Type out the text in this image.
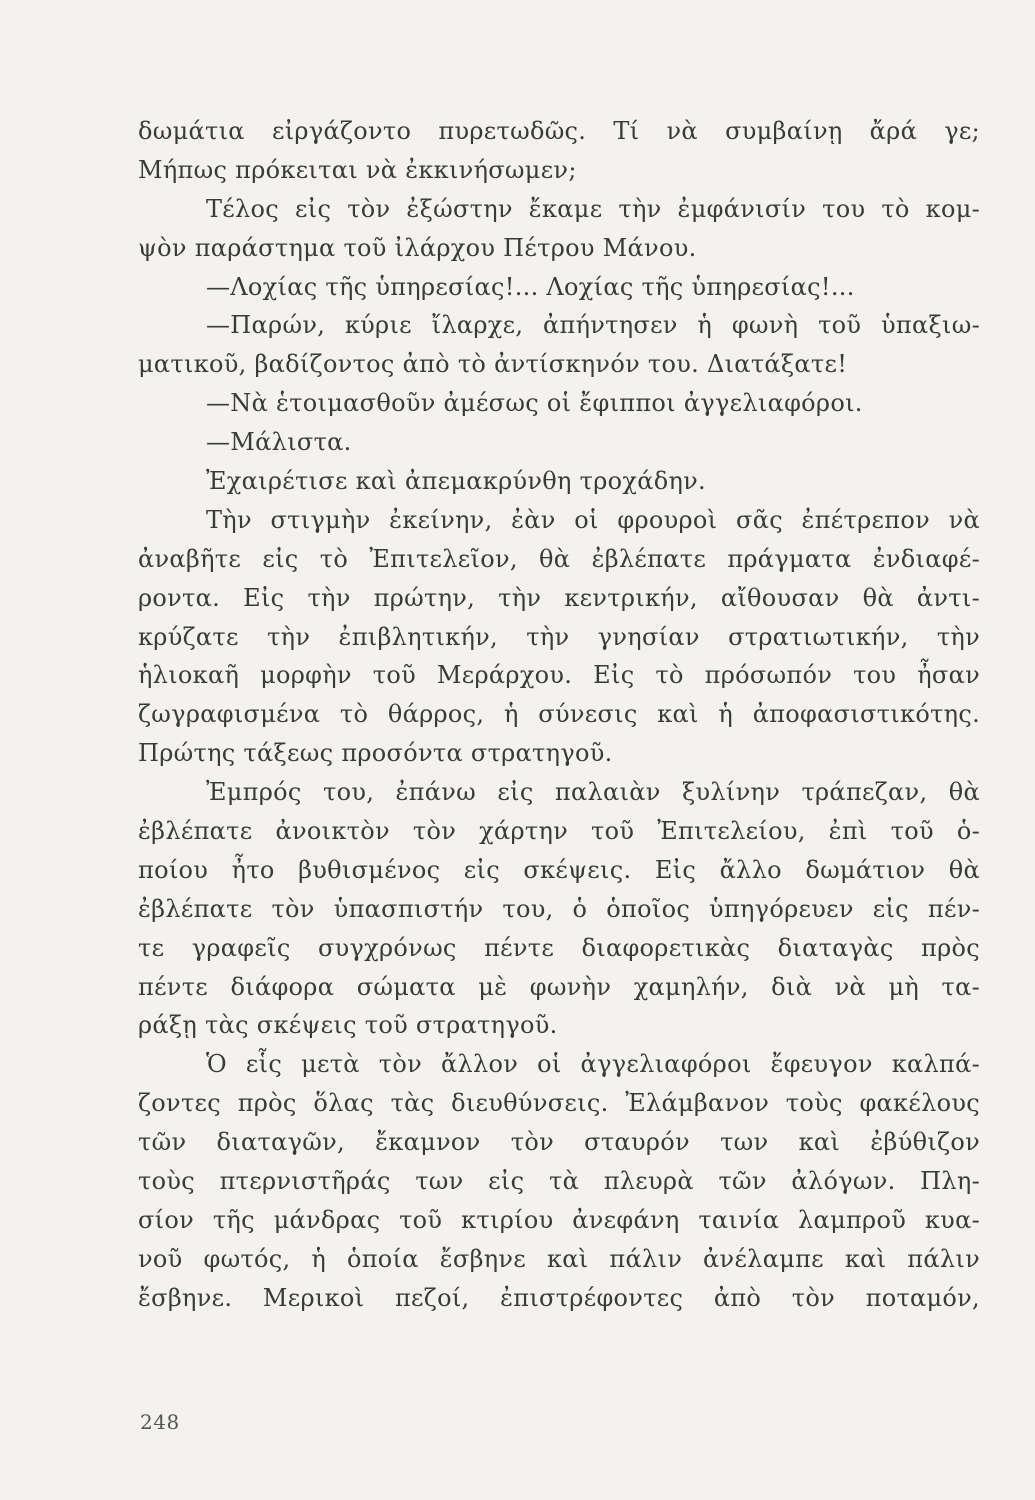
δωμάτια εἰργάζοντο πυρετωδῶς. Τί νὰ συμβαίνῃ ἄρά γε;
Μήπως πρόκειται νὰ ἐκκινήσωμεν;
Τέλος εἰς τὸν ἐξώστην ἔκαμε τὴν ἐμφάνισίν του τὸ κομ-
ψὸν παράστημα τοῦ ἰλάρχου Πέτρου Μάνου.
—Λοχίας τῆς ὑπηρεσίας!... Λοχίας τῆς ὑπηρεσίας!...
—Παρών, κύριε ἴλαρχε, ἀπήντησεν ἡ φωνὴ τοῦ ὑπαξιω-
ματικοῦ, βαδίζοντος ἀπὸ τὸ ἀντίσκηνόν του. Διατάξατε!
—Νὰ ἑτοιμασθοῦν ἀμέσως οἱ ἔφιπποι ἀγγελιαφόροι.
—Μάλιστα.
Ἐχαιρέτισε καὶ ἀπεμακρύνθη τροχάδην.
Τὴν στιγμὴν ἐκείνην, ἐὰν οἱ φρουροὶ σᾶς ἐπέτρεπον νὰ
ἀναβῆτε εἰς τὸ Ἐπιτελεῖον, θὰ ἐβλέπατε πράγματα ἐνδιαφέ-
ροντα. Εἰς τὴν πρώτην, τὴν κεντρικήν, αἴθουσαν θὰ ἀντι-
κρύζατε τὴν ἐπιβλητικήν, τὴν γνησίαν στρατιωτικήν, τὴν
ἡλιοκαῆ μορφὴν τοῦ Μεράρχου. Εἰς τὸ πρόσωπόν του ἦσαν
ζωγραφισμένα τὸ θάρρος, ἡ σύνεσις καὶ ἡ ἀποφασιστικότης.
Πρώτης τάξεως προσόντα στρατηγοῦ.
Ἐμπρός του, ἐπάνω εἰς παλαιὰν ξυλίνην τράπεζαν, θὰ
ἐβλέπατε ἀνοικτὸν τὸν χάρτην τοῦ Ἐπιτελείου, ἐπὶ τοῦ ὁ-
ποίου ἦτο βυθισμένος εἰς σκέψεις. Εἰς ἄλλο δωμάτιον θὰ
ἐβλέπατε τὸν ὑπασπιστήν του, ὁ ὁποῖος ὑπηγόρευεν εἰς πέν-
τε γραφεῖς συγχρόνως πέντε διαφορετικὰς διαταγὰς πρὸς
πέντε διάφορα σώματα μὲ φωνὴν χαμηλήν, διὰ νὰ μὴ τα-
ράξῃ τὰς σκέψεις τοῦ στρατηγοῦ.
Ὁ εἷς μετὰ τὸν ἄλλον οἱ ἀγγελιαφόροι ἔφευγον καλπά-
ζοντες πρὸς ὅλας τὰς διευθύνσεις. Ἐλάμβανον τοὺς φακέλους
τῶν διαταγῶν, ἔκαμνον τὸν σταυρόν των καὶ ἐβύθιζον
τοὺς πτερνιστῆράς των εἰς τὰ πλευρὰ τῶν ἀλόγων. Πλη-
σίον τῆς μάνδρας τοῦ κτιρίου ἀνεφάνη ταινία λαμπροῦ κυα-
νοῦ φωτός, ἡ ὁποία ἔσβηνε καὶ πάλιν ἀνέλαμπε καὶ πάλιν
ἔσβηνε. Μερικοὶ πεζοί, ἐπιστρέφοντες ἀπὸ τὸν ποταμόν,
248
